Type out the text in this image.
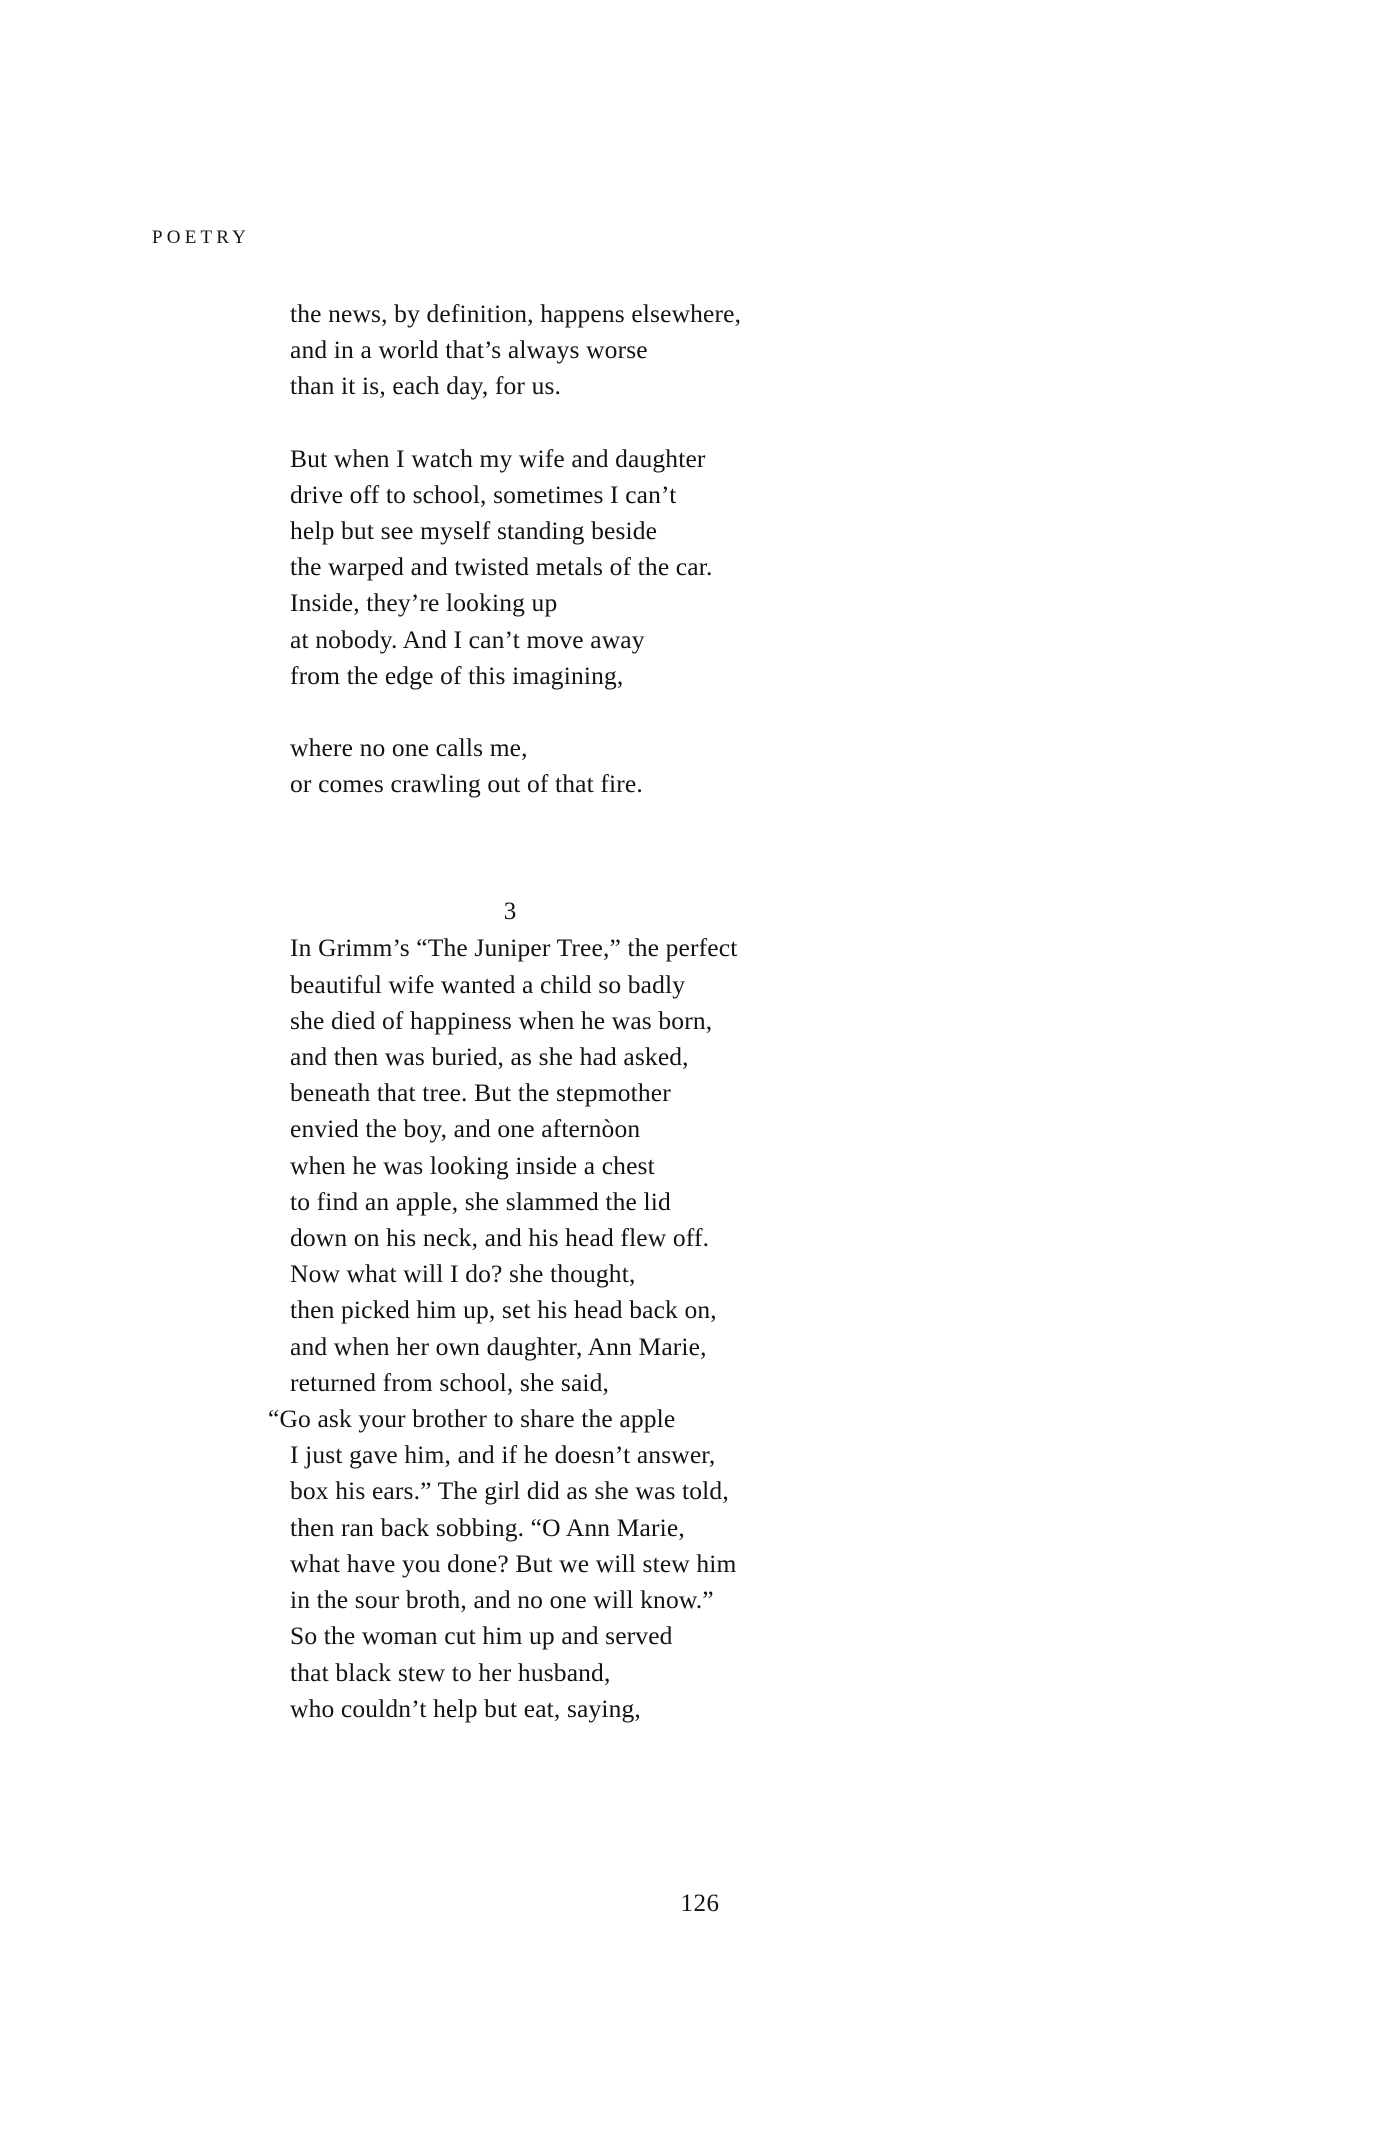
POETRY
the news, by definition, happens elsewhere,
and in a world that’s always worse
than it is, each day, for us.
But when I watch my wife and daughter
drive off to school, sometimes I can’t
help but see myself standing beside
the warped and twisted metals of the car.
Inside, they’re looking up
at nobody. And I can’t move away
from the edge of this imagining,
where no one calls me,
or comes crawling out of that fire.
3
In Grimm’s “The Juniper Tree,” the perfect
beautiful wife wanted a child so badly
she died of happiness when he was born,
and then was buried, as she had asked,
beneath that tree. But the stepmother
envied the boy, and one afternòon
when he was looking inside a chest
to find an apple, she slammed the lid
down on his neck, and his head flew off.
Now what will I do? she thought,
then picked him up, set his head back on,
and when her own daughter, Ann Marie,
returned from school, she said,
“Go ask your brother to share the apple
I just gave him, and if he doesn’t answer,
box his ears.” The girl did as she was told,
then ran back sobbing. “O Ann Marie,
what have you done? But we will stew him
in the sour broth, and no one will know.”
So the woman cut him up and served
that black stew to her husband,
who couldn’t help but eat, saying,
126
